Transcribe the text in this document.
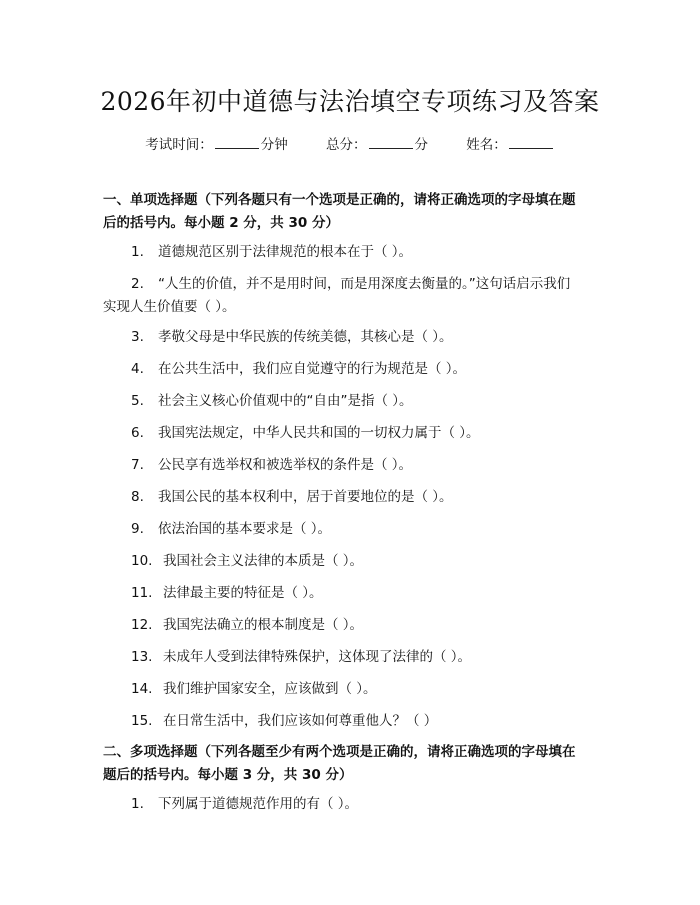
2026年初中道德与法治填空专项练习及答案
考试时间：	分钟	总分：	分	姓名：
一、单项选择题（下列各题只有一个选项是正确的，请将正确选项的字母填在题
后的括号内。每小题 2 分，共 30 分）
1. 道德规范区别于法律规范的根本在于（ ）。
2. “人生的价值，并不是用时间，而是用深度去衡量的。”这句话启示我们
实现人生价值要（ ）。
3. 孝敬父母是中华民族的传统美德，其核心是（ ）。
4. 在公共生活中，我们应自觉遵守的行为规范是（ ）。
5. 社会主义核心价值观中的“自由”是指（ ）。
6. 我国宪法规定，中华人民共和国的一切权力属于（ ）。
7. 公民享有选举权和被选举权的条件是（ ）。
8. 我国公民的基本权利中，居于首要地位的是（ ）。
9. 依法治国的基本要求是（ ）。
10. 我国社会主义法律的本质是（ ）。
11. 法律最主要的特征是（ ）。
12. 我国宪法确立的根本制度是（ ）。
13. 未成年人受到法律特殊保护，这体现了法律的（ ）。
14. 我们维护国家安全，应该做到（ ）。
15. 在日常生活中，我们应该如何尊重他人？（ ）
二、多项选择题（下列各题至少有两个选项是正确的，请将正确选项的字母填在
题后的括号内。每小题 3 分，共 30 分）
1. 下列属于道德规范作用的有（ ）。
